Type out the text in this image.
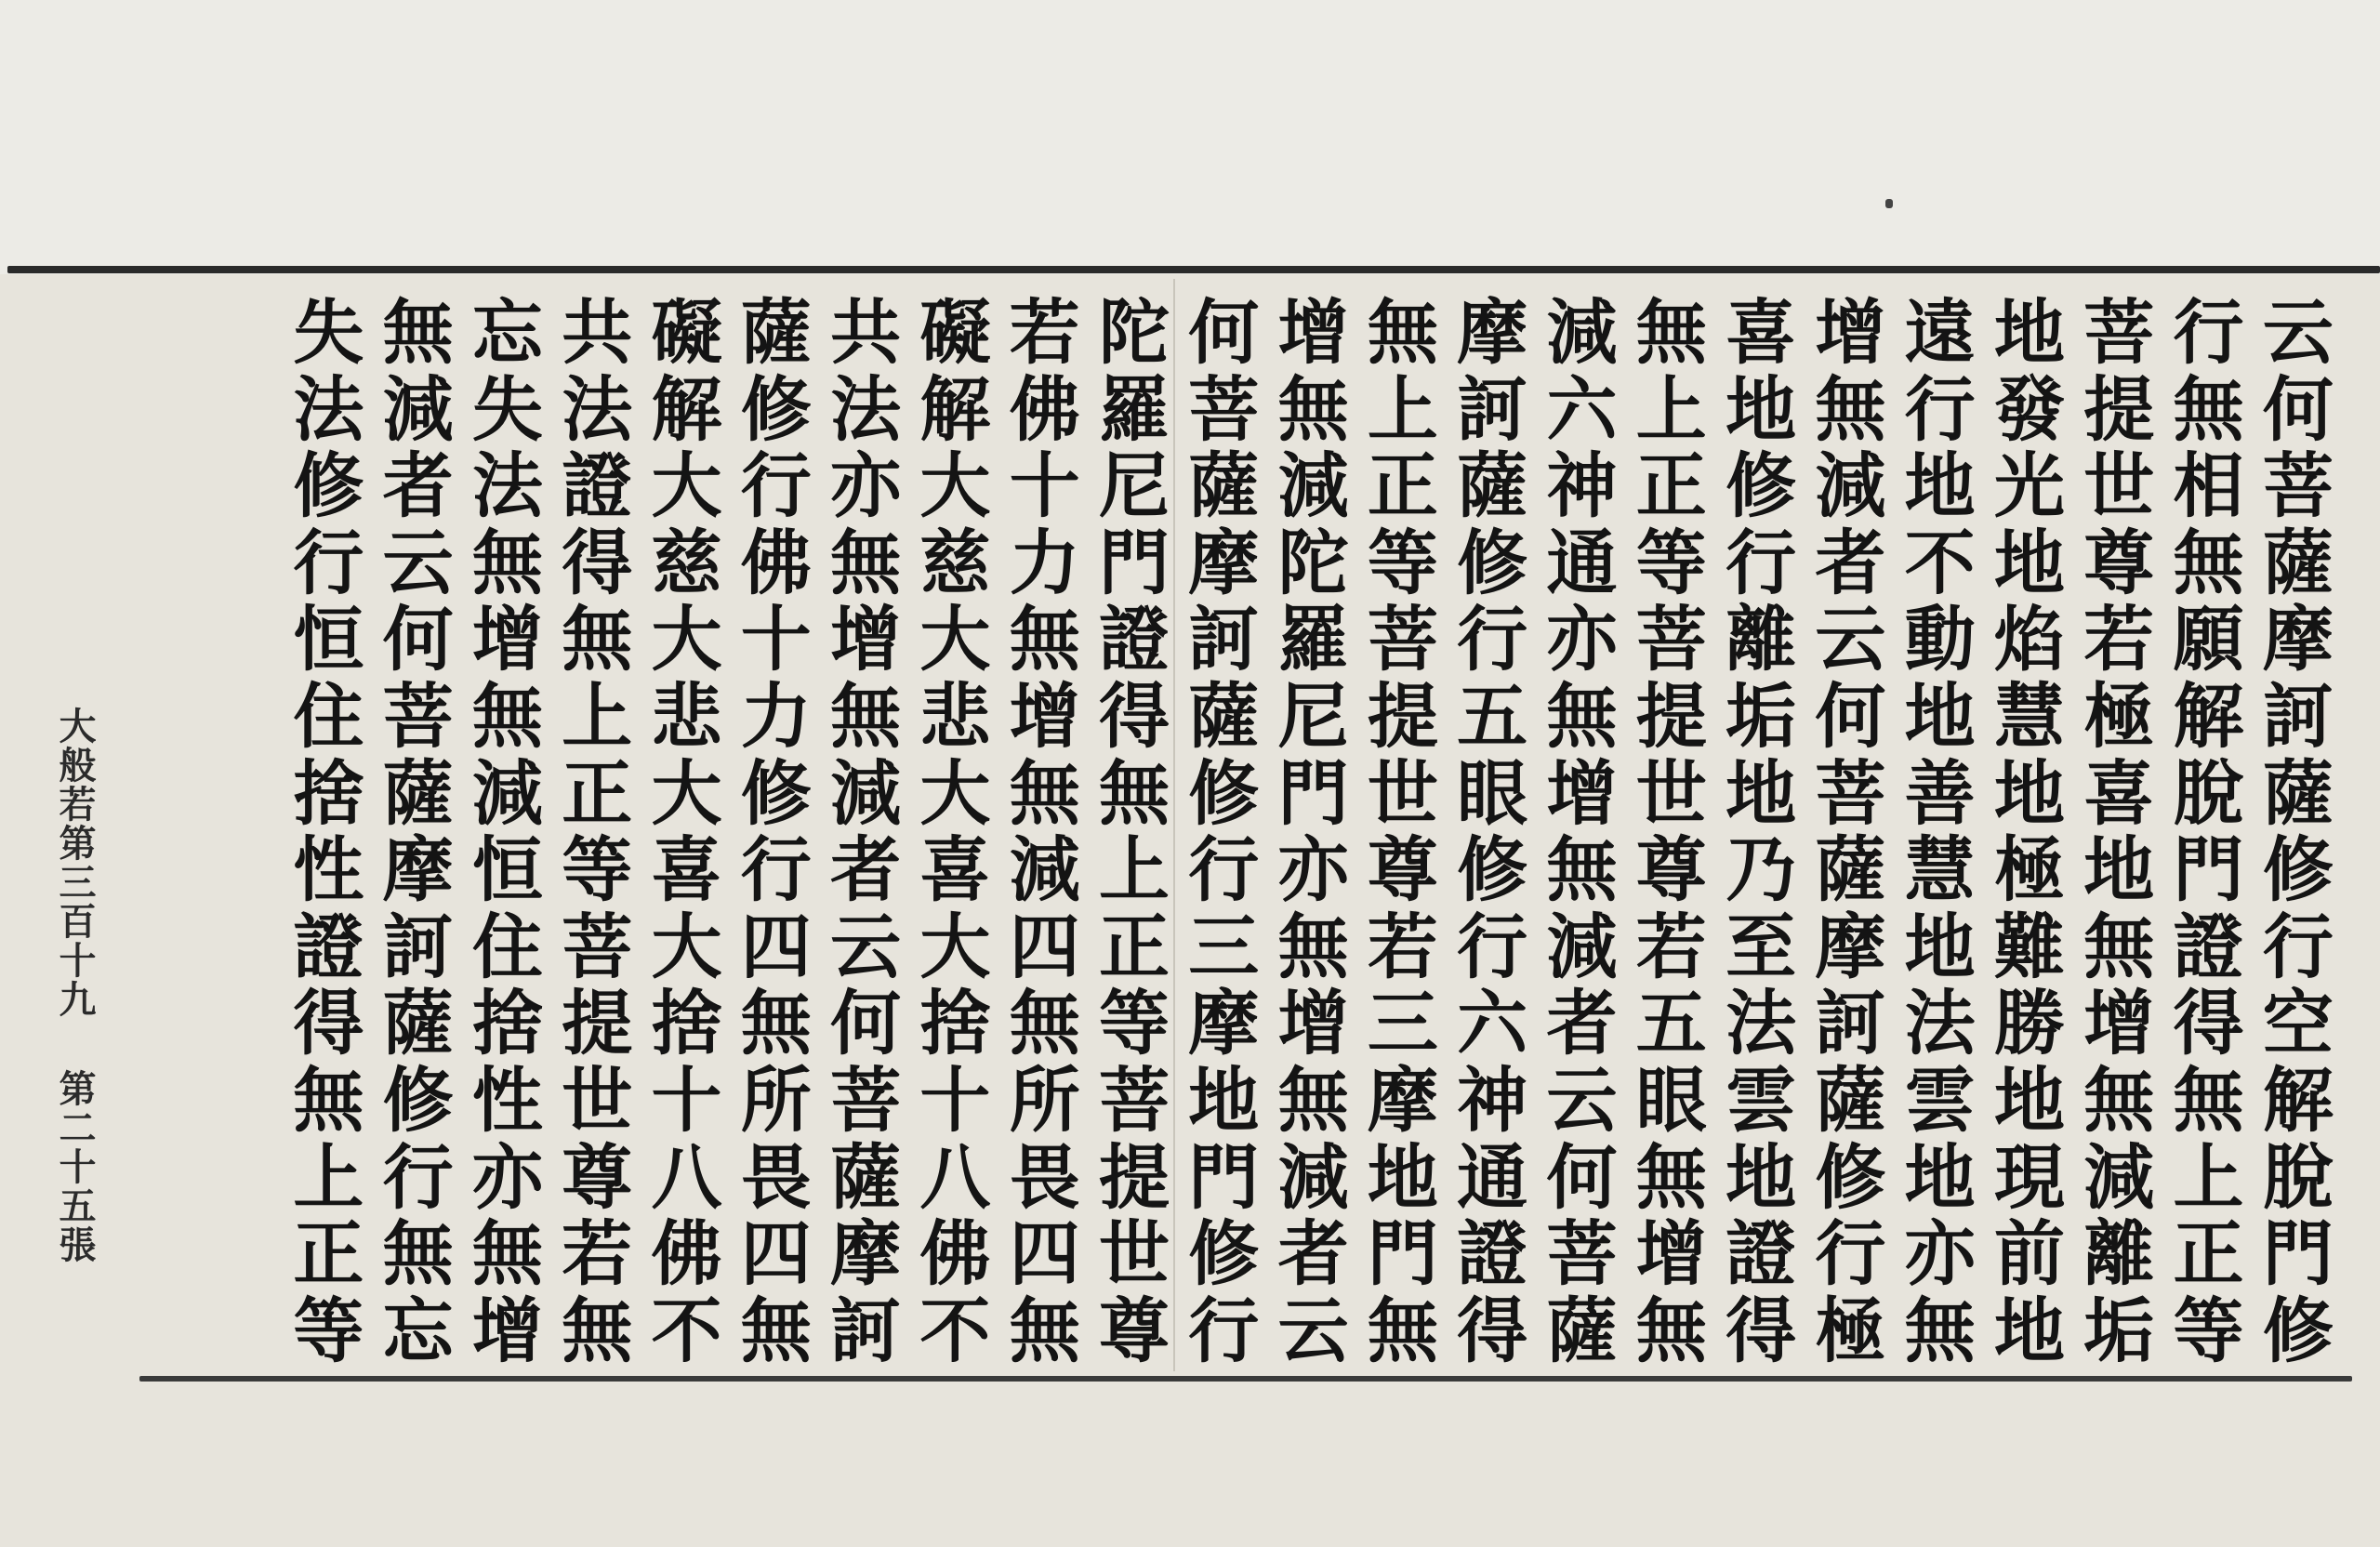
云
何
菩
薩
摩
訶
薩
修
行
空
解
脫
門
修
行
無
相
無
願
解
脫
門
證
得
無
上
正
等
菩
提
世
尊
若
極
喜
地
無
增
無
減
離
垢
地
發
光
地
焰
慧
地
極
難
勝
地
現
前
地
遠
行
地
不
動
地
善
慧
地
法
雲
地
亦
無
增
無
減
者
云
何
菩
薩
摩
訶
薩
修
行
極
喜
地
修
行
離
垢
地
乃
至
法
雲
地
證
得
無
上
正
等
菩
提
世
尊
若
五
眼
無
增
無
減
六
神
通
亦
無
增
無
減
者
云
何
菩
薩
摩
訶
薩
修
行
五
眼
修
行
六
神
通
證
得
無
上
正
等
菩
提
世
尊
若
三
摩
地
門
無
增
無
減
陀
羅
尼
門
亦
無
增
無
減
者
云
何
菩
薩
摩
訶
薩
修
行
三
摩
地
門
修
行
陀
羅
尼
門
證
得
無
上
正
等
菩
提
世
尊
若
佛
十
力
無
增
無
減
四
無
所
畏
四
無
礙
解
大
慈
大
悲
大
喜
大
捨
十
八
佛
不
共
法
亦
無
增
無
減
者
云
何
菩
薩
摩
訶
薩
修
行
佛
十
力
修
行
四
無
所
畏
四
無
礙
解
大
慈
大
悲
大
喜
大
捨
十
八
佛
不
共
法
證
得
無
上
正
等
菩
提
世
尊
若
無
忘
失
法
無
增
無
減
恒
住
捨
性
亦
無
增
無
減
者
云
何
菩
薩
摩
訶
薩
修
行
無
忘
失
法
修
行
恒
住
捨
性
證
得
無
上
正
等
大般若第三百十九
第二十五張
